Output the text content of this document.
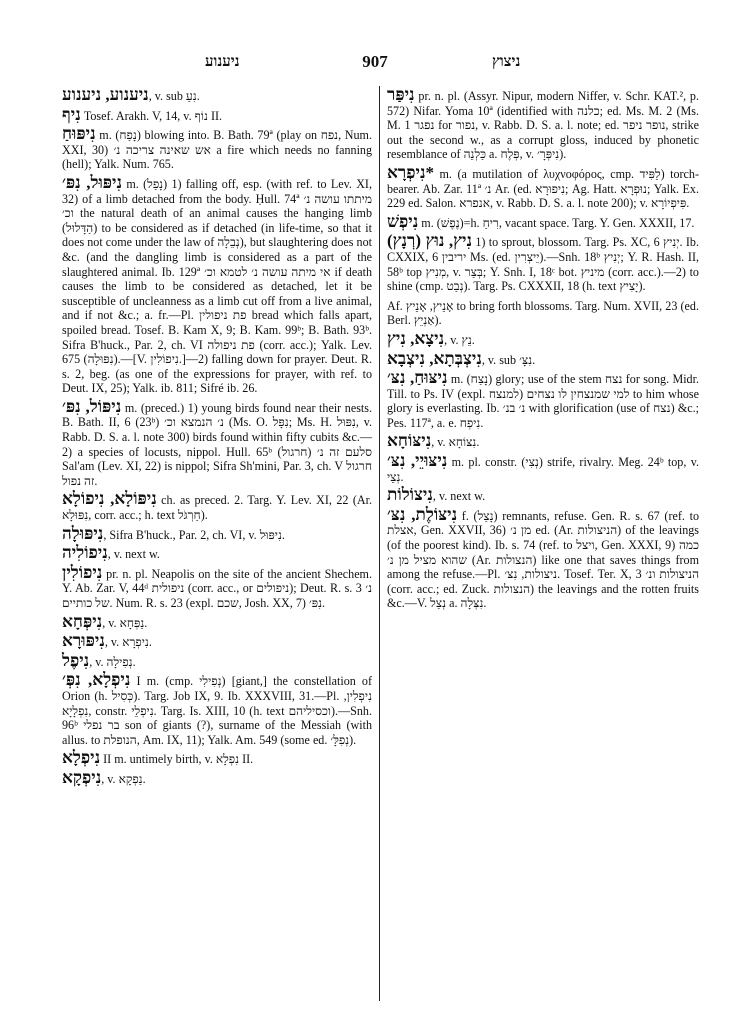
ניענוע	907	ניצוץ
ניענוע, ניענוע, v. sub נִעַ.
נִיף Tosef. Arakh. V, 14, v. נוֹף II.
נִיפּוּחַ m. (נָפַח) blowing into. B. Bath. 79ª (play on נפח, Num. XXI, 30) אש שאינה צריכה נ׳ a fire which needs no fanning (hell); Yalk. Num. 765.
נִיפּוּל, נִפּ׳ m. (נָפַל) 1) falling off, esp. (with ref. to Lev. XI, 32) of a limb detached from the body. Ḥull. 74ª מיתתו עושה נ׳ וכ׳ the natural death of an animal causes the hanging limb (הַדָּלוּל) to be considered as if detached (in life-time, so that it does not come under the law of נְבֵלָה), but slaughtering does not &c. (and the dangling limb is considered as a part of the slaughtered animal. Ib. 129ª אי מיתה עושה נ׳ לטמא וכ׳ if death causes the limb to be considered as detached, let it be susceptible of uncleanness as a limb cut off from a live animal, and if not &c.; a. fr.—Pl. פת ניפולין bread which falls apart, spoiled bread. Tosef. B. Kam X, 9; B. Kam. 99ᵇ; B. Bath. 93ᵇ. Sifra B'huck., Par. 2, ch. VI פת ניפולה (corr. acc.); Yalk. Lev. 675 (נִפּוּלָה).—[V. נִיפוֹלִין.]—2) falling down for prayer. Deut. R. s. 2, beg. (as one of the expressions for prayer, with ref. to Deut. IX, 25); Yalk. ib. 811; Sifré ib. 26.
נִיפּוֹל, נִפּ׳ m. (preced.) 1) young birds found near their nests. B. Bath. II, 6 (23ᵇ) נ׳ הנמצא וכ׳ (Ms. O. נִפָּל; Ms. H. נִפּוּל, v. Rabb. D. S. a. l. note 300) birds found within fifty cubits &c.—2) a species of locusts, nippol. Hull. 65ᵇ סלעם זה נ׳ (חרגול) Sal'am (Lev. XI, 22) is nippol; Sifra Sh'mini, Par. 3, ch. V חרגול זה נפול.
נִיפּוֹלָא, נִיפוֹלָא ch. as preced. 2. Targ. Y. Lev. XI, 22 (Ar. נִפּוּלָא, corr. acc.; h. text חַרְגֹּל).
נִיפּוּלָה, Sifra B'huck., Par. 2, ch. VI, v. נִיפּוּל.
נִיפוֹלִיה, v. next w.
נִיפוֹלִין pr. n. pl. Neapolis on the site of the ancient Shechem. Y. Ab. Zar. V, 44ᵈ ניפולית (corr. acc., or ניפולים); Deut. R. s. 3 נ׳ של כותיים. Num. R. s. 23 (expl. שכם, Josh. XX, 7) נִפּ׳.
נִיפְּחָא, v. נַפְּחָא.
נִיפּוּרָא, v. נִיפְרָא.
נִיפֶל, v. נְפִילָה.
נִיפְלָא, נִפְּ׳ I m. (cmp. נְפִילִי) [giant,] the constellation of Orion (h. כְּסִיל). Targ. Job IX, 9. Ib. XXXVIII, 31.—Pl. נִיפְלִין, נִפְלָיָא, constr. נִיפְלֵי. Targ. Is. XIII, 10 (h. text וכסיליהם).—Snh. 96ᵇ בר נפלי son of giants (?), surname of the Messiah (with allus. to הנופלת, Am. IX, 11); Yalk. Am. 549 (some ed. נְפִלָּ׳).
נִיפְלָא II m. untimely birth, v. נִפְלָא II.
נִיפְקָא, v. נַפְקָא.
נִיפַּר pr. n. pl. (Assyr. Nipur, modern Niffer, v. Schr. KAT.², p. 572) Nifar. Yoma 10ª (identified with כלנה; ed. Ms. M. 2 (Ms. M. 1 נפגר for נפור, v. Rabb. D. S. a. l. note; ed. נופר ניפר, strike out the second w., as a corrupt gloss, induced by phonetic resemblance of כַּלְנֵה a. פְּלֶח, v. נִיפְּרָ׳).
*נִיפְרָא m. (a mutilation of λυχνοφόρος, cmp. לַפִּיד) torch-bearer. Ab. Zar. 11ª נ׳ Ar. (ed. נִיפוּרָא; Ag. Hatt. נוּפְרָא; Yalk. Ex. 229 ed. Salon. אנפרא, v. Rabb. D. S. a. l. note 200); v. פִּיפְיוֹרָא.
נִיפְשׁ m. (נֶפֶשׁ)=h. רִיחַ, vacant space. Targ. Y. Gen. XXXII, 17.
נִיץ, נוּץ (רְנָץ) 1) to sprout, blossom. Targ. Ps. XC, 6 יְנִיץ. Ib. CXXIX, 6 יריבין Ms. (ed. יֵיצְרִין).—Snh. 18ᵇ יְנִיץ; Y. R. Hash. II, 58ᵇ top מְנִיץ, v. בְּצַר; Y. Snh. I, 18ᶜ bot. מיניץ (corr. acc.).—2) to shine (cmp. נְבַט). Targ. Ps. CXXXII, 18 (h. text יָצִיץ).
Af. אָנֵיץ, אָנֵיץ to bring forth blossoms. Targ. Num. XVII, 23 (ed. Berl. אַנְיֵץ).
נִיצָא, נִיץ, v. נֵץ.
נִיצְבְּתָא, נִיצְבָא, v. sub נִצָּ׳.
נִיצּוּחַ, נִצּ׳ m. (נָצַח) glory; use of the stem נצח for song. Midr. Till. to Ps. IV (expl. למנצח) למי שמנצחין לו נצחים to him whose glory is everlasting. Ib. נ׳ בנ׳ with glorification (use of נצח) &c.; Pes. 117ª, a. e. נִיפְח.
נִיצּוֹחָא, v. נִצּוֹחָא.
נִיצּוּיֵי, נִצּ׳ m. pl. constr. (נְצִי) strife, rivalry. Meg. 24ᵇ top, v. נְצֵי.
נִיצוֹלוֹת, v. next w.
נִיצּוֹלֶת, נִצּ׳ f. (נָצַל) remnants, refuse. Gen. R. s. 67 (ref. to אצלת, Gen. XXVII, 36) מן נ׳ ed. (Ar. הניצולות) of the leavings (of the poorest kind). Ib. s. 74 (ref. to ויצל, Gen. XXXI, 9) כמה שהוא מציל מן נ׳ (Ar. הנצולות) like one that saves things from among the refuse.—Pl. ניצולות, נִצּ׳. Tosef. Ter. X, 3 הניצולות ונ׳ (corr. acc.; ed. Zuck. הנצולות) the leavings and the rotten fruits &c.—V. נְצַל a. נִצְּלָה.
